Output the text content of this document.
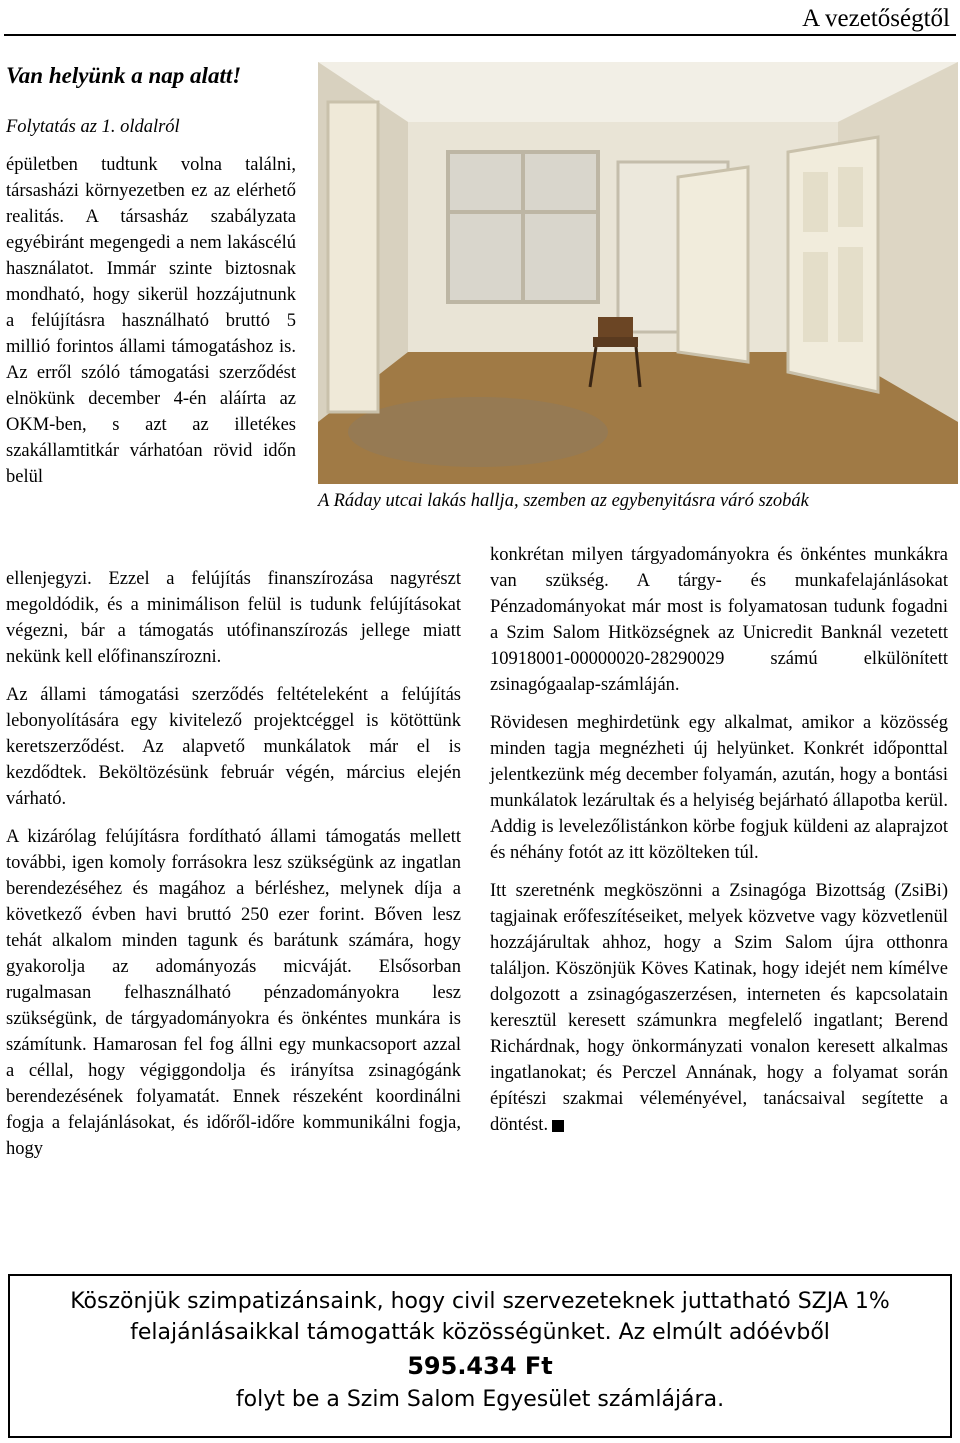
A vezetőségtől
Van helyünk a nap alatt!

Folytatás az 1. oldalról

épületben tudtunk volna találni, társasházi környezetben ez az elérhető realitás. A társasház szabályzata egyébiránt megengedi a nem lakáscélú használatot. Immár szinte biztosnak mondható, hogy sikerül hozzájutnunk a felújításra használható bruttó 5 millió forintos állami támogatáshoz is. Az erről szóló támogatási szerződést elnökünk december 4-én aláírta az OKM-ben, s azt az illetékes szakállamtitkár várhatóan rövid időn belül

A Ráday utcai lakás hallja, szemben az egybenyitásra váró szobák

ellenjegyzi. Ezzel a felújítás finanszírozása nagyrészt megoldódik, és a minimálison felül is tudunk felújításokat végezni, bár a támogatás utófinanszírozás jellege miatt nekünk kell előfinanszírozni.

Az állami támogatási szerződés feltételeként a felújítás lebonyolítására egy kivitelező projektcéggel is kötöttünk keretszerződést. Az alapvető munkálatok már el is kezdődtek. Beköltözésünk február végén, március elején várható.

A kizárólag felújításra fordítható állami támogatás mellett további, igen komoly forrásokra lesz szükségünk az ingatlan berendezéséhez és magához a bérléshez, melynek díja a következő évben havi bruttó 250 ezer forint. Bőven lesz tehát alkalom minden tagunk és barátunk számára, hogy gyakorolja az adományozás micváját. Elsősorban rugalmasan felhasználható pénzadományokra lesz szükségünk, de tárgyadományokra és önkéntes munkára is számítunk. Hamarosan fel fog állni egy munkacsoport azzal a céllal, hogy végiggondolja és irányítsa zsinagógánk berendezésének folyamatát. Ennek részeként koordinálni fogja a felajánlásokat, és időről-időre kommunikálni fogja, hogy

konkrétan milyen tárgyadományokra és önkéntes munkákra van szükség. A tárgy- és munkafelajánlásokat Pénzadományokat már most is folyamatosan tudunk fogadni a Szim Salom Hitközségnek az Unicredit Banknál vezetett 10918001-00000020-28290029 számú elkülönített zsinagógaalap-számláján.

Rövidesen meghirdetünk egy alkalmat, amikor a közösség minden tagja megnézheti új helyünket. Konkrét időponttal jelentkezünk még december folyamán, azután, hogy a bontási munkálatok lezárultak és a helyiség bejárható állapotba kerül. Addig is levelezőlistánkon körbe fogjuk küldeni az alaprajzot és néhány fotót az itt közölteken túl.

Itt szeretnénk megköszönni a Zsinagóga Bizottság (ZsiBi) tagjainak erőfeszítéseiket, melyek közvetve vagy közvetlenül hozzájárultak ahhoz, hogy a Szim Salom újra otthonra találjon. Köszönjük Köves Katinak, hogy idejét nem kímélve dolgozott a zsinagógaszerzésen, interneten és kapcsolatain keresztül keresett számunkra megfelelő ingatlant; Berend Richárdnak, hogy önkormányzati vonalon keresett alkalmas ingatlanokat; és Perczel Annának, hogy a folyamat során építészi szakmai véleményével, tanácsaival segítette a döntést.

Köszönjük szimpatizánsaink, hogy civil szervezeteknek juttatható SZJA 1%
felajánlásaikkal támogatták közösségünket. Az elmúlt adóévből
595.434 Ft
folyt be a Szim Salom Egyesület számlájára.
